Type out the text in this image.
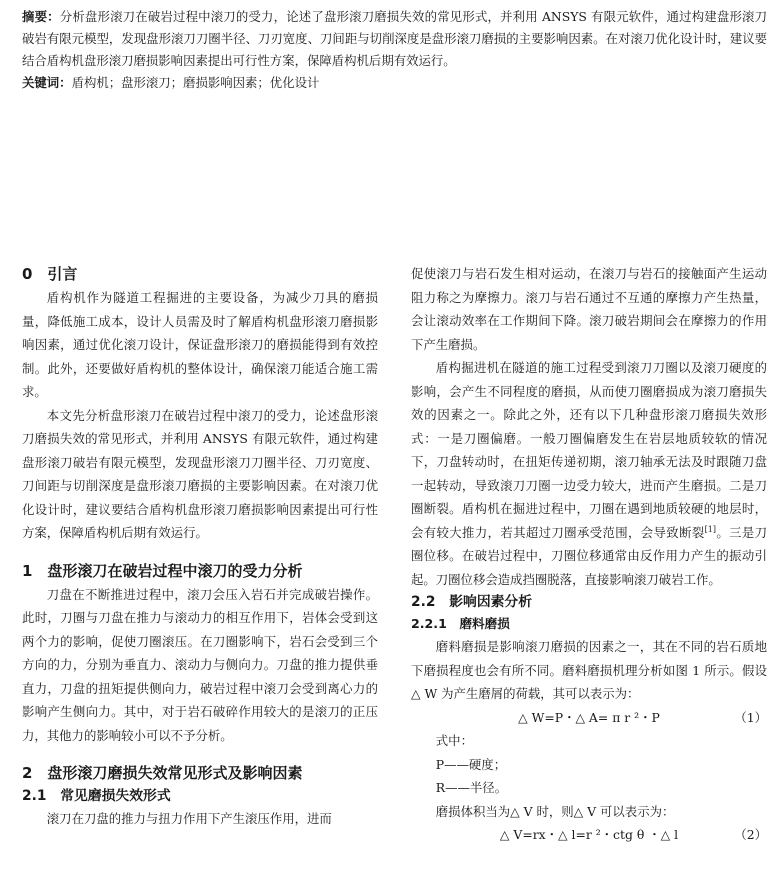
摘要：分析盘形滚刀在破岩过程中滚刀的受力，论述了盘形滚刀磨损失效的常见形式，并利用 ANSYS 有限元软件，通过构建盘形滚刀破岩有限元模型，发现盘形滚刀刀圈半径、刀刃宽度、刀间距与切削深度是盘形滚刀磨损的主要影响因素。在对滚刀优化设计时，建议要结合盾构机盘形滚刀磨损影响因素提出可行性方案，保障盾构机后期有效运行。

关键词：盾构机；盘形滚刀；磨损影响因素；优化设计

0　引言

盾构机作为隧道工程掘进的主要设备，为减少刀具的磨损量，降低施工成本，设计人员需及时了解盾构机盘形滚刀磨损影响因素，通过优化滚刀设计，保证盘形滚刀的磨损能得到有效控制。此外，还要做好盾构机的整体设计，确保滚刀能适合施工需求。

本文先分析盘形滚刀在破岩过程中滚刀的受力，论述盘形滚刀磨损失效的常见形式，并利用 ANSYS 有限元软件，通过构建盘形滚刀破岩有限元模型，发现盘形滚刀刀圈半径、刀刃宽度、刀间距与切削深度是盘形滚刀磨损的主要影响因素。在对滚刀优化设计时，建议要结合盾构机盘形滚刀磨损影响因素提出可行性方案，保障盾构机后期有效运行。

1　盘形滚刀在破岩过程中滚刀的受力分析

刀盘在不断推进过程中，滚刀会压入岩石并完成破岩操作。此时，刀圈与刀盘在推力与滚动力的相互作用下，岩体会受到这两个力的影响，促使刀圈滚压。在刀圈影响下，岩石会受到三个方向的力，分别为垂直力、滚动力与侧向力。刀盘的推力提供垂直力，刀盘的扭矩提供侧向力，破岩过程中滚刀会受到离心力的影响产生侧向力。其中，对于岩石破碎作用较大的是滚刀的正压力，其他力的影响较小可以不予分析。

2　盘形滚刀磨损失效常见形式及影响因素
2.1　常见磨损失效形式

滚刀在刀盘的推力与扭力作用下产生滚压作用，进而

促使滚刀与岩石发生相对运动，在滚刀与岩石的接触面产生运动阻力称之为摩擦力。滚刀与岩石通过不互通的摩擦力产生热量，会让滚动效率在工作期间下降。滚刀破岩期间会在摩擦力的作用下产生磨损。

盾构掘进机在隧道的施工过程受到滚刀刀圈以及滚刀硬度的影响，会产生不同程度的磨损，从而使刀圈磨损成为滚刀磨损失效的因素之一。除此之外，还有以下几种盘形滚刀磨损失效形式：一是刀圈偏磨。一般刀圈偏磨发生在岩层地质较软的情况下，刀盘转动时，在扭矩传递初期，滚刀轴承无法及时跟随刀盘一起转动，导致滚刀刀圈一边受力较大，进而产生磨损。二是刀圈断裂。盾构机在掘进过程中，刀圈在遇到地质较硬的地层时，会有较大推力，若其超过刀圈承受范围，会导致断裂[1]。三是刀圈位移。在破岩过程中，刀圈位移通常由反作用力产生的振动引起。刀圈位移会造成挡圈脱落，直接影响滚刀破岩工作。

2.2　影响因素分析
2.2.1　磨料磨损

磨料磨损是影响滚刀磨损的因素之一，其在不同的岩石质地下磨损程度也会有所不同。磨料磨损机理分析如图 1 所示。假设△ W 为产生磨屑的荷载，其可以表示为：

△ W=P・△ A= π r ²・P	（1）

式中：

P——硬度；

R——半径。

磨损体积当为△ V 时，则△ V 可以表示为：

△ V=rx・△ l=r ²・ctg θ ・△ l	（2）
